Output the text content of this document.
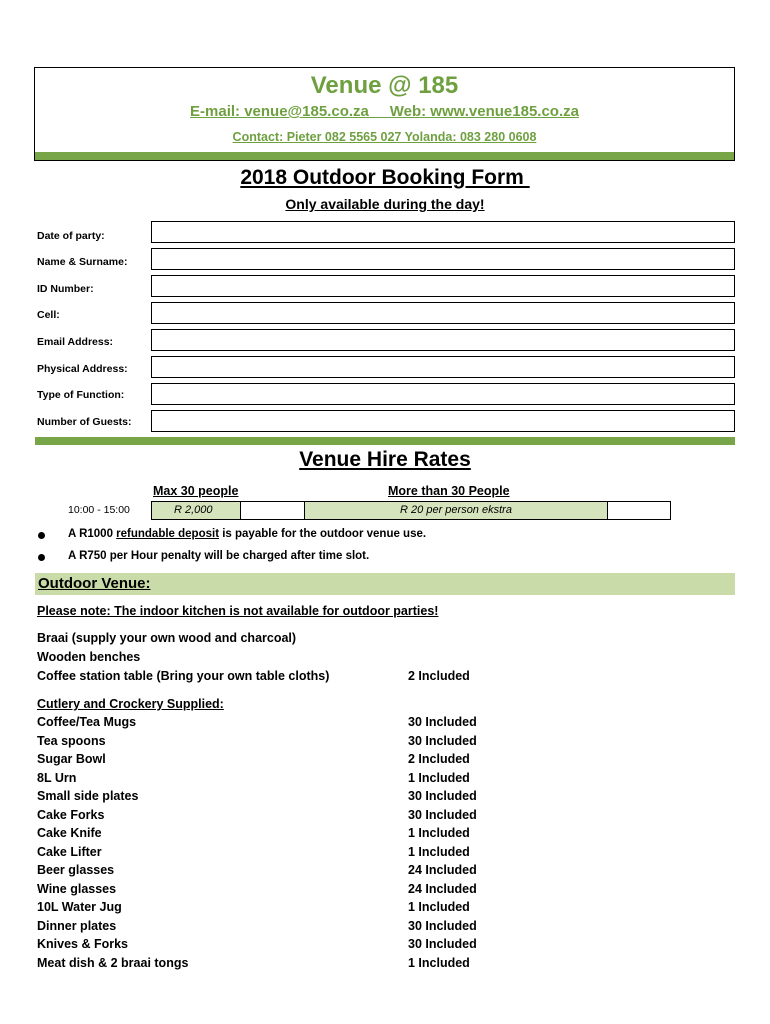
Venue @ 185
E-mail: venue@185.co.za     Web: www.venue185.co.za
Contact: Pieter 082 5565 027 Yolanda: 083 280 0608
2018 Outdoor Booking Form
Only available during the day!
Date of party:
Name & Surname:
ID Number:
Cell:
Email Address:
Physical Address:
Type of Function:
Number of Guests:
Venue Hire Rates
Max 30 people	More than 30 People
10:00 - 15:00	R 2,000	R 20 per person ekstra
A R1000 refundable deposit is payable for the outdoor venue use.
A R750 per Hour penalty will be charged after time slot.
Outdoor Venue:
Please note: The indoor kitchen is not available for outdoor parties!
Braai (supply your own wood and charcoal)
Wooden benches
Coffee station table (Bring your own table cloths)	2 Included
Cutlery and Crockery Supplied:
Coffee/Tea Mugs	30 Included
Tea spoons	30 Included
Sugar Bowl	2 Included
8L Urn	1 Included
Small side plates	30 Included
Cake Forks	30 Included
Cake Knife	1 Included
Cake Lifter	1 Included
Beer glasses	24 Included
Wine glasses	24 Included
10L Water Jug	1 Included
Dinner plates	30 Included
Knives & Forks	30 Included
Meat dish & 2 braai tongs	1 Included
